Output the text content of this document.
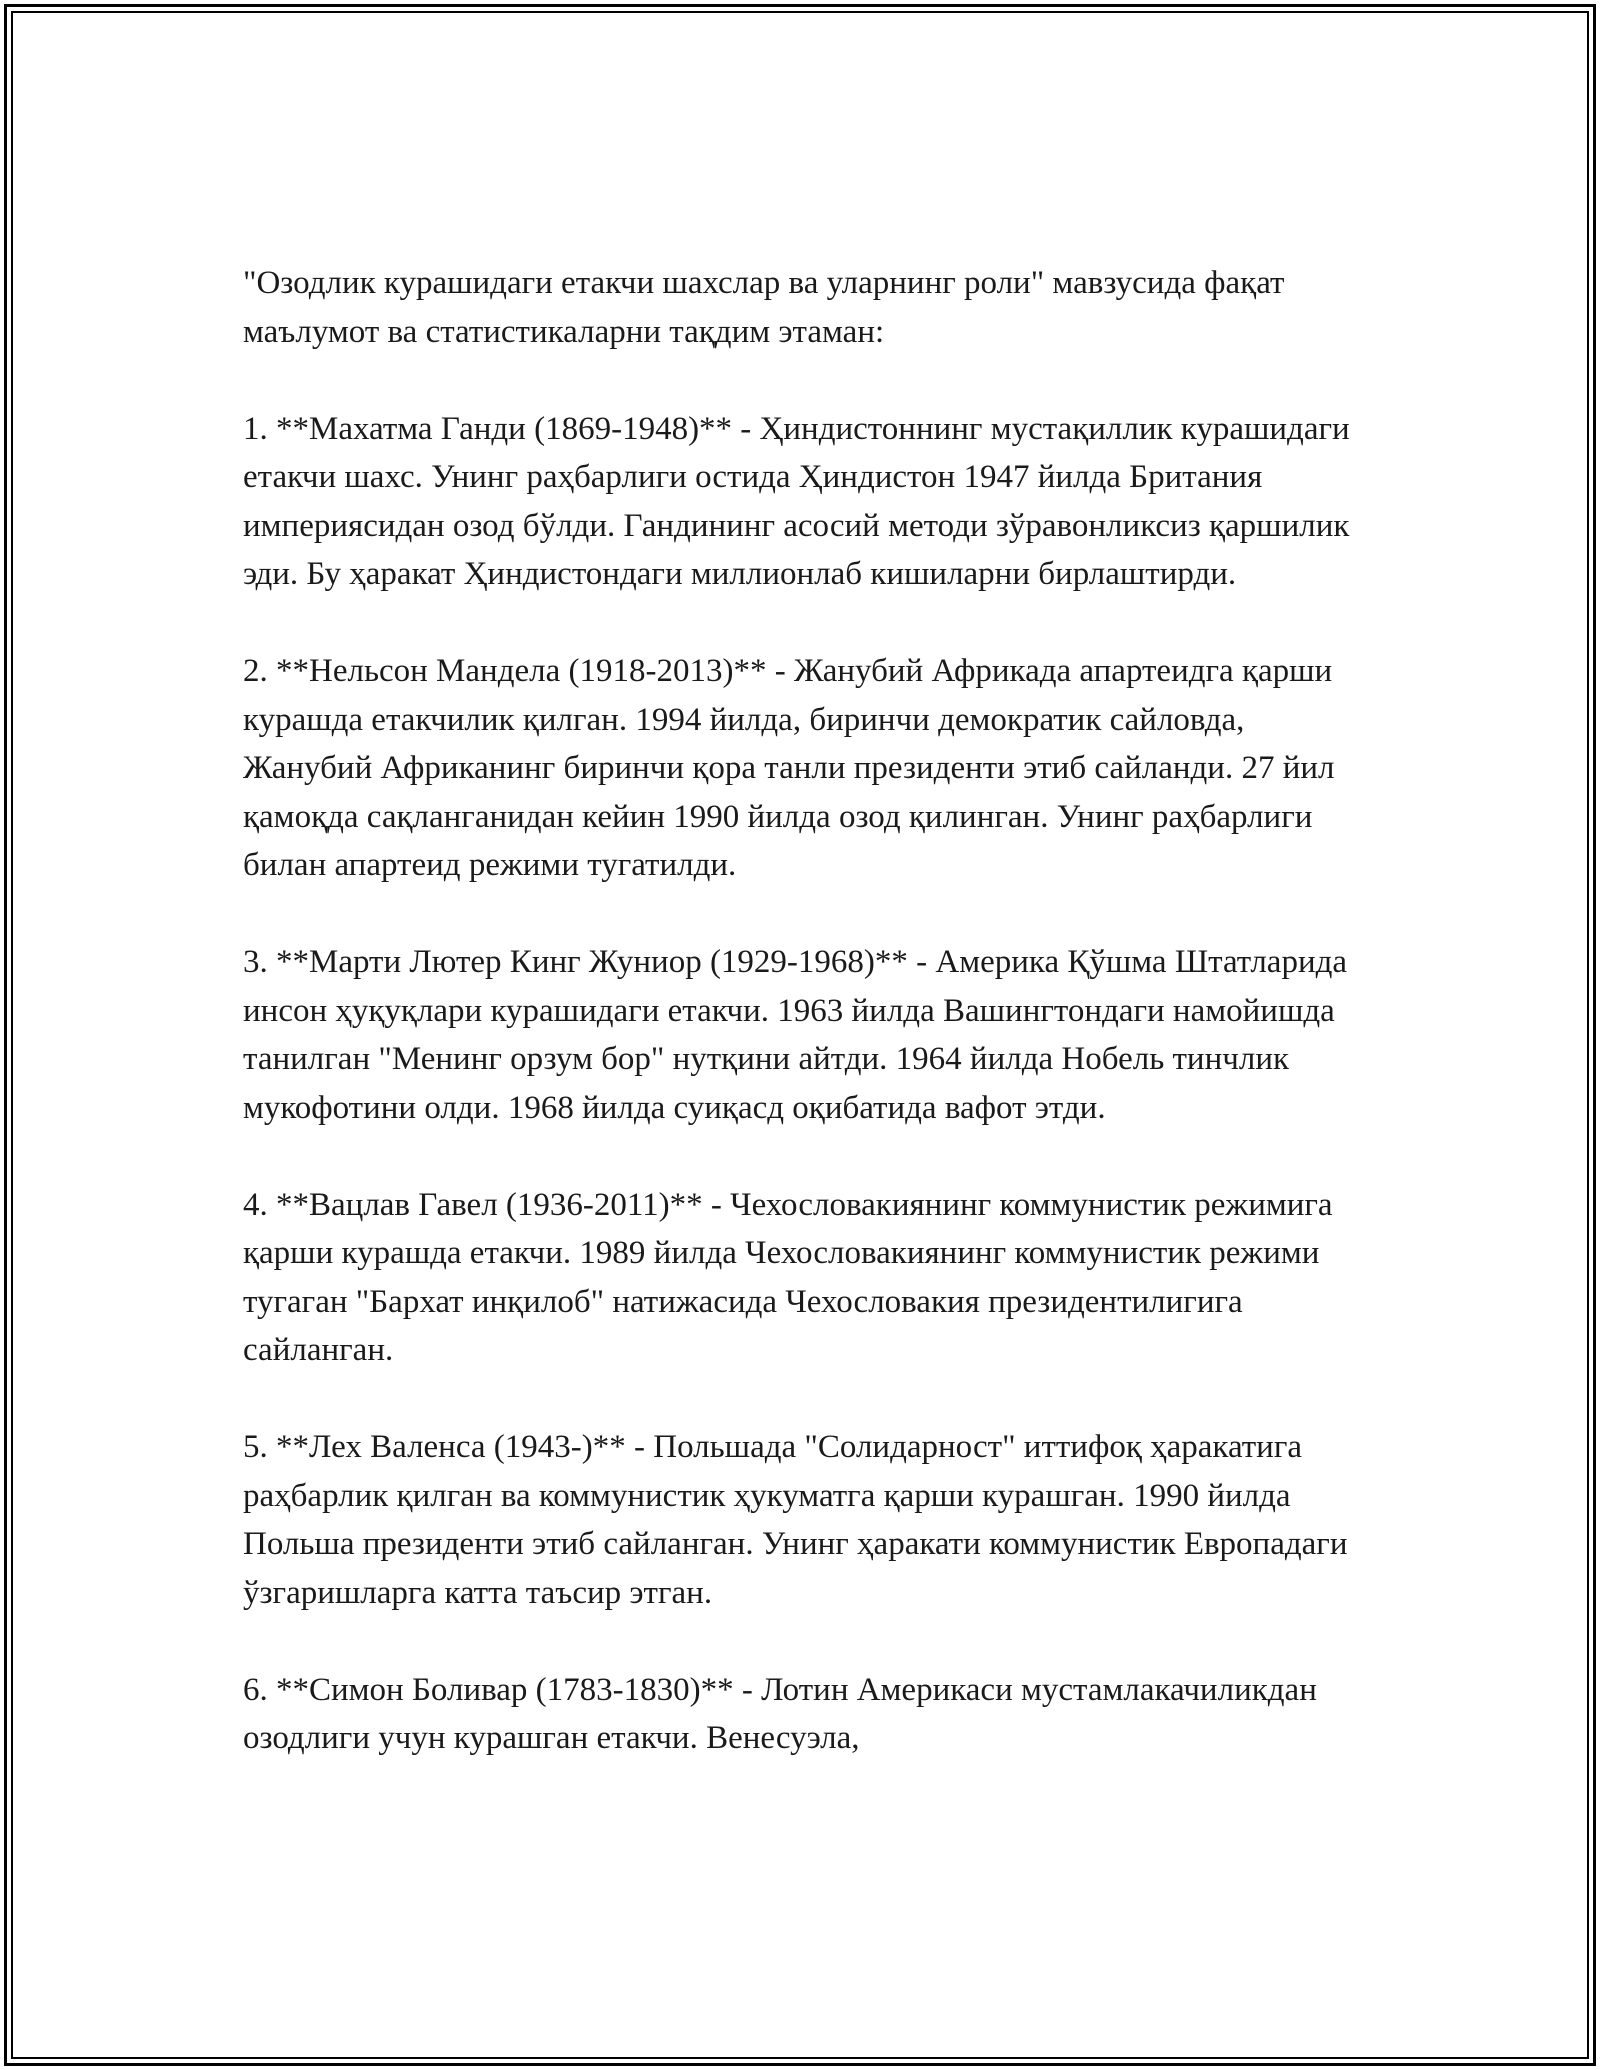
"Озодлик курашидаги етакчи шахслар ва уларнинг роли" мавзусида фақат маълумот ва статистикаларни тақдим этаман:

1. **Махатма Ганди (1869-1948)** - Ҳиндистоннинг мустақиллик курашидаги етакчи шахс. Унинг раҳбарлиги остида Ҳиндистон 1947 йилда Британия империясидан озод бўлди. Гандининг асосий методи зўравонликсиз қаршилик эди. Бу ҳаракат Ҳиндистондаги миллионлаб кишиларни бирлаштирди.

2. **Нельсон Мандела (1918-2013)** - Жанубий Африкада апартеидга қарши курашда етакчилик қилган. 1994 йилда, биринчи демократик сайловда, Жанубий Африканинг биринчи қора танли президенти этиб сайланди. 27 йил қамоқда сақланганидан кейин 1990 йилда озод қилинган. Унинг раҳбарлиги билан апартеид режими тугатилди.

3. **Марти Лютер Кинг Жуниор (1929-1968)** - Америка Қўшма Штатларида инсон ҳуқуқлари курашидаги етакчи. 1963 йилда Вашингтондаги намойишда танилган "Менинг орзум бор" нутқини айтди. 1964 йилда Нобель тинчлик мукофотини олди. 1968 йилда суиқасд оқибатида вафот этди.

4. **Вацлав Гавел (1936-2011)** - Чехословакиянинг коммунистик режимига қарши курашда етакчи. 1989 йилда Чехословакиянинг коммунистик режими тугаган "Бархат инқилоб" натижасида Чехословакия президентилигига сайланган.

5. **Лех Валенса (1943-)** - Польшада "Солидарност" иттифоқ ҳаракатига раҳбарлик қилган ва коммунистик ҳукуматга қарши курашган. 1990 йилда Польша президенти этиб сайланган. Унинг ҳаракати коммунистик Европадаги ўзгаришларга катта таъсир этган.

6. **Симон Боливар (1783-1830)** - Лотин Америкаси мустамлакачиликдан озодлиги учун курашган етакчи. Венесуэла,
